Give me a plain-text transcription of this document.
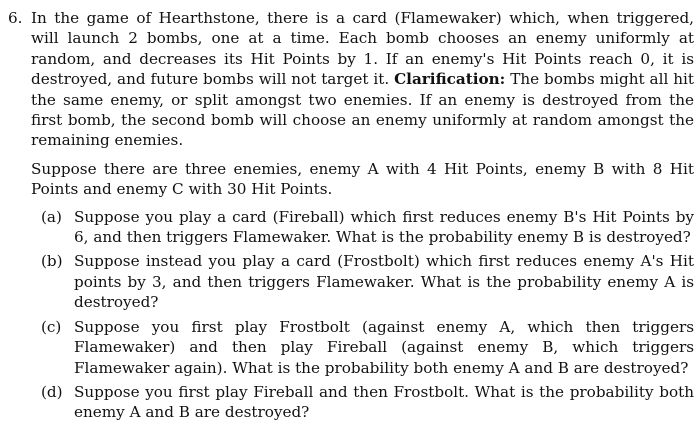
6. In the game of Hearthstone, there is a card (Flamewaker) which, when triggered, will launch 2 bombs, one at a time. Each bomb chooses an enemy uniformly at random, and decreases its Hit Points by 1. If an enemy's Hit Points reach 0, it is destroyed, and future bombs will not target it. Clarification: The bombs might all hit the same enemy, or split amongst two enemies. If an enemy is destroyed from the first bomb, the second bomb will choose an enemy uniformly at random amongst the remaining enemies.

Suppose there are three enemies, enemy A with 4 Hit Points, enemy B with 8 Hit Points and enemy C with 30 Hit Points.

(a) Suppose you play a card (Fireball) which first reduces enemy B's Hit Points by 6, and then triggers Flamewaker. What is the probability enemy B is destroyed?
(b) Suppose instead you play a card (Frostbolt) which first reduces enemy A's Hit points by 3, and then triggers Flamewaker. What is the probability enemy A is destroyed?
(c) Suppose you first play Frostbolt (against enemy A, which then triggers Flamewaker) and then play Fireball (against enemy B, which triggers Flamewaker again). What is the probability both enemy A and B are destroyed?
(d) Suppose you first play Fireball and then Frostbolt. What is the probability both enemy A and B are destroyed?
